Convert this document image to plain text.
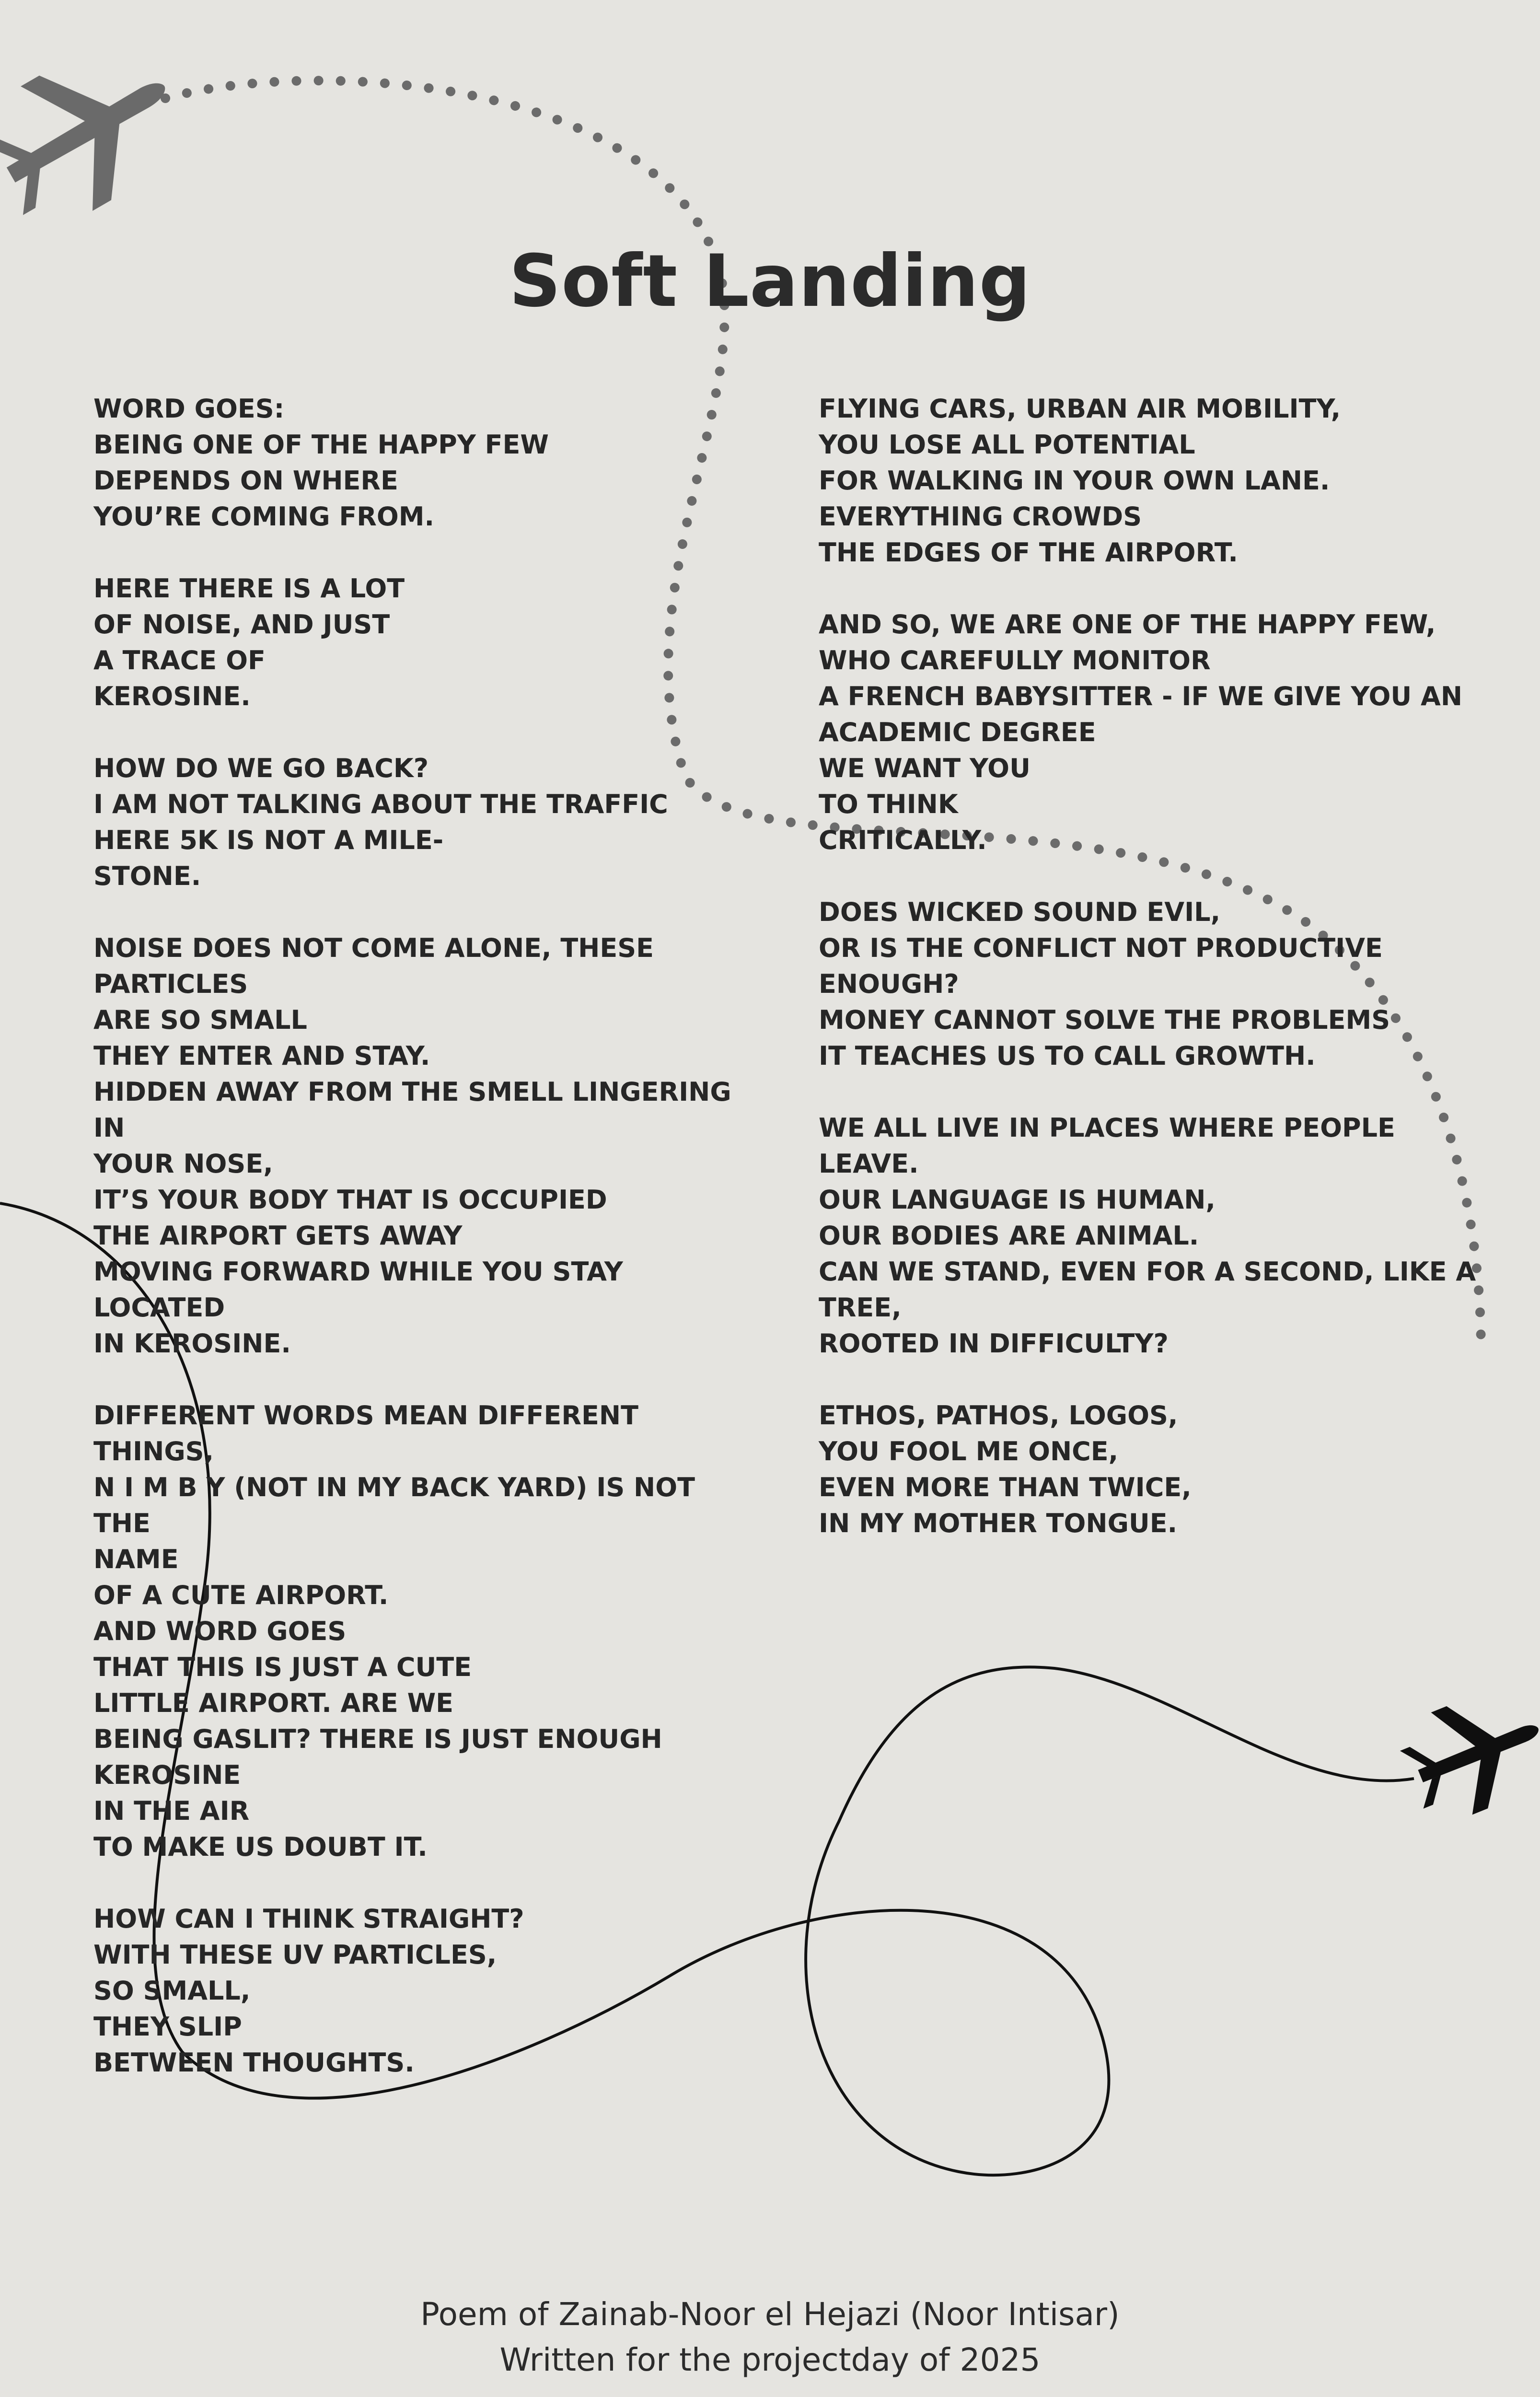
Soft Landing
WORD GOES:
BEING ONE OF THE HAPPY FEW
DEPENDS ON WHERE
YOU’RE COMING FROM.
HERE THERE IS A LOT
OF NOISE, AND JUST
A TRACE OF
KEROSINE.
HOW DO WE GO BACK?
I AM NOT TALKING ABOUT THE TRAFFIC
HERE 5K IS NOT A MILE-
STONE.
NOISE DOES NOT COME ALONE, THESE PARTICLES
ARE SO SMALL
THEY ENTER AND STAY.
HIDDEN AWAY FROM THE SMELL LINGERING IN
YOUR NOSE,
IT’S YOUR BODY THAT IS OCCUPIED
THE AIRPORT GETS AWAY
MOVING FORWARD WHILE YOU STAY LOCATED
IN KEROSINE.
DIFFERENT WORDS MEAN DIFFERENT THINGS,
N I M B Y (NOT IN MY BACK YARD) IS NOT THE
NAME
OF A CUTE AIRPORT.
AND WORD GOES
THAT THIS IS JUST A CUTE
LITTLE AIRPORT. ARE WE
BEING GASLIT? THERE IS JUST ENOUGH KEROSINE
IN THE AIR
TO MAKE US DOUBT IT.
HOW CAN I THINK STRAIGHT?
WITH THESE UV PARTICLES,
SO SMALL,
THEY SLIP
BETWEEN THOUGHTS.
FLYING CARS, URBAN AIR MOBILITY,
YOU LOSE ALL POTENTIAL
FOR WALKING IN YOUR OWN LANE.
EVERYTHING CROWDS
THE EDGES OF THE AIRPORT.
AND SO, WE ARE ONE OF THE HAPPY FEW,
WHO CAREFULLY MONITOR
A FRENCH BABYSITTER - IF WE GIVE YOU AN
ACADEMIC DEGREE
WE WANT YOU
TO THINK
CRITICALLY.
DOES WICKED SOUND EVIL,
OR IS THE CONFLICT NOT PRODUCTIVE ENOUGH?
MONEY CANNOT SOLVE THE PROBLEMS
IT TEACHES US TO CALL GROWTH.
WE ALL LIVE IN PLACES WHERE PEOPLE LEAVE.
OUR LANGUAGE IS HUMAN,
OUR BODIES ARE ANIMAL.
CAN WE STAND, EVEN FOR A SECOND, LIKE A
TREE,
ROOTED IN DIFFICULTY?
ETHOS, PATHOS, LOGOS,
YOU FOOL ME ONCE,
EVEN MORE THAN TWICE,
IN MY MOTHER TONGUE.
Poem of Zainab-Noor el Hejazi (Noor Intisar)
Written for the projectday of 2025
